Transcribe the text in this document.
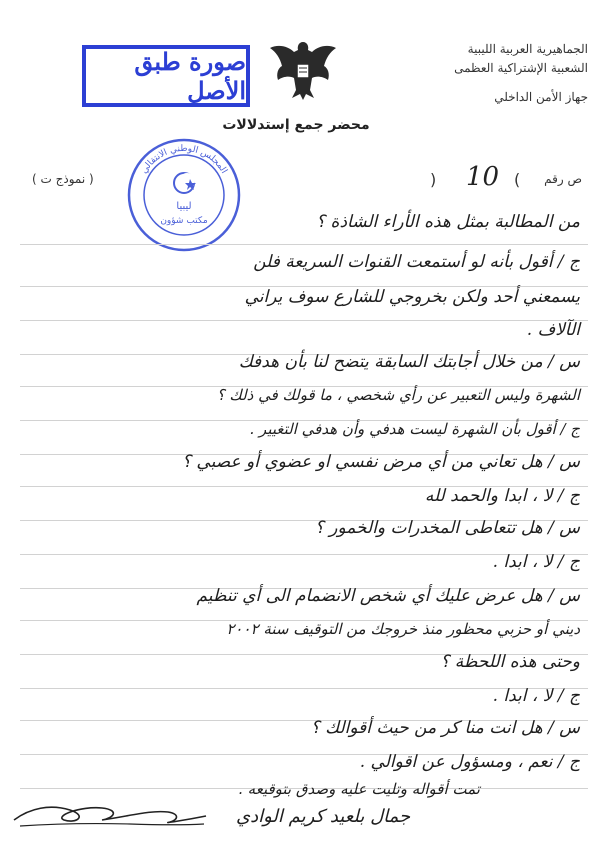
الجماهيرية العربية الليبية
الشعبية الإشتراكية العظمى
جهاز الأمن الداخلي
صورة طبق الأصل
المجلس الوطني الانتقالي
ليبيا
مكتب شؤون
محضر جمع إستدلالات
( نموذج ت )	ص رقم
)
10
(
من المطالبة بمثل هذه الأراء الشاذة ؟
ج / أقول بأنه لو أستمعت القنوات السريعة فلن
يسمعني أحد ولكن بخروجي للشارع سوف يراني
الآلاف .
س / من خلال أجابتك السابقة يتضح لنا بأن هدفك
الشهرة وليس التعبير عن رأي شخصي ، ما قولك في ذلك ؟
ج / أقول بأن الشهرة ليست هدفي وأن هدفي التغيير .
س / هل تعاني من أي مرض نفسي او عضوي أو عصبي ؟
ج / لا ، ابدا والحمد لله
س / هل تتعاطى المخدرات والخمور ؟
ج / لا ، ابدا .
س / هل عرض عليك أي شخص الانضمام الى أي تنظيم
ديني أو حزبي محظور منذ خروجك من التوقيف سنة ٢٠٠٢
وحتى هذه اللحظة ؟
ج / لا ، ابدا .
س / هل انت منا كر من حيث أقوالك ؟
ج / نعم ، ومسؤول عن اقوالي .
تمت أقواله وتليت عليه وصدق بتوقيعه .
جمال بلعيد كريم الوادي
